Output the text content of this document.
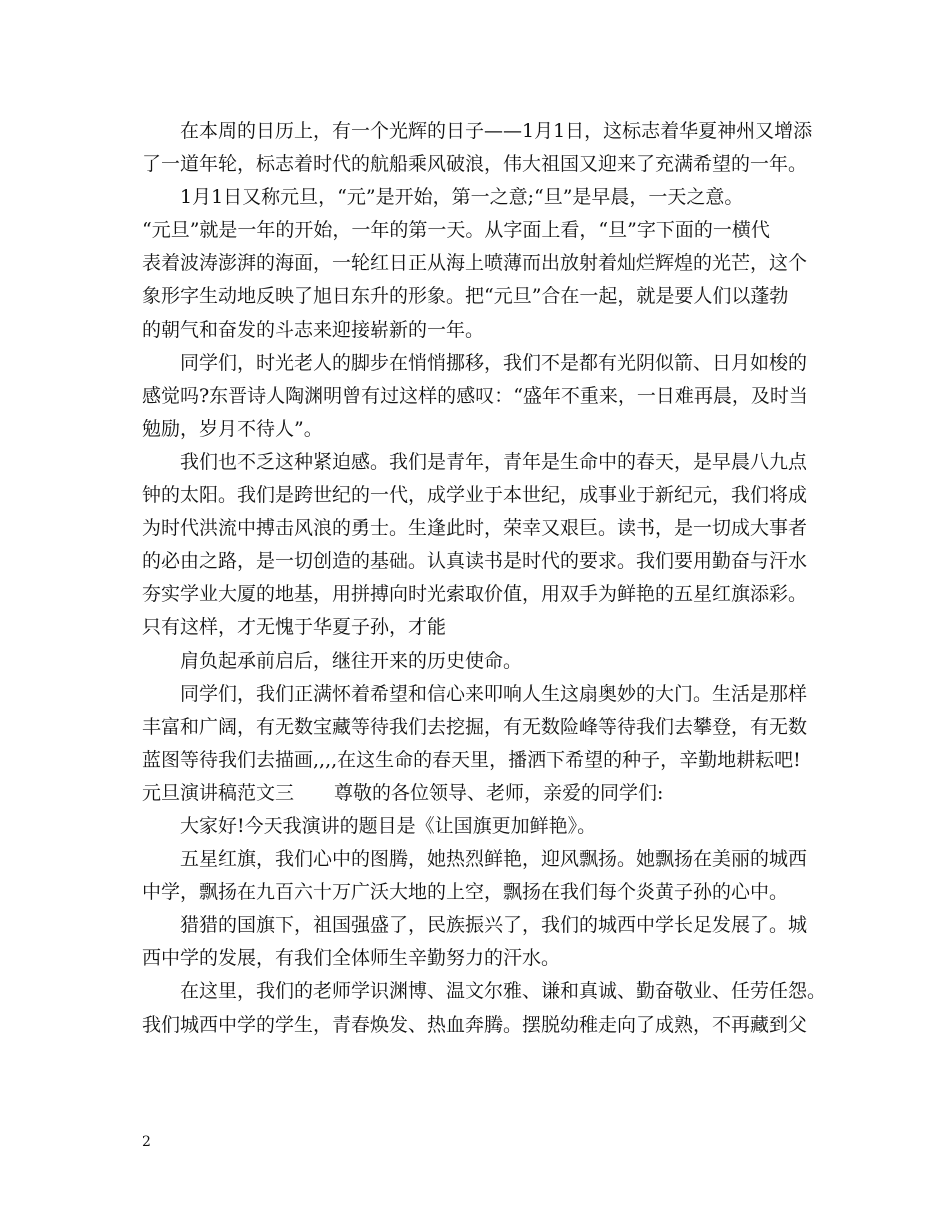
在本周的日历上，有一个光辉的日子——1月1日，这标志着华夏神州又增添
了一道年轮，标志着时代的航船乘风破浪，伟大祖国又迎来了充满希望的一年。
1月1日又称元旦，“元”是开始，第一之意;“旦”是早晨，一天之意。
“元旦”就是一年的开始，一年的第一天。从字面上看，“旦”字下面的一横代
表着波涛澎湃的海面，一轮红日正从海上喷薄而出放射着灿烂辉煌的光芒，这个
象形字生动地反映了旭日东升的形象。把“元旦”合在一起，就是要人们以蓬勃
的朝气和奋发的斗志来迎接崭新的一年。
同学们，时光老人的脚步在悄悄挪移，我们不是都有光阴似箭、日月如梭的
感觉吗?东晋诗人陶渊明曾有过这样的感叹：“盛年不重来，一日难再晨，及时当
勉励，岁月不待人”。
我们也不乏这种紧迫感。我们是青年，青年是生命中的春天，是早晨八九点
钟的太阳。我们是跨世纪的一代，成学业于本世纪，成事业于新纪元，我们将成
为时代洪流中搏击风浪的勇士。生逢此时，荣幸又艰巨。读书，是一切成大事者
的必由之路，是一切创造的基础。认真读书是时代的要求。我们要用勤奋与汗水
夯实学业大厦的地基，用拼搏向时光索取价值，用双手为鲜艳的五星红旗添彩。
只有这样，才无愧于华夏子孙，才能
肩负起承前启后，继往开来的历史使命。
同学们，我们正满怀着希望和信心来叩响人生这扇奥妙的大门。生活是那样
丰富和广阔，有无数宝藏等待我们去挖掘，有无数险峰等待我们去攀登，有无数
蓝图等待我们去描画,,,,在这生命的春天里，播洒下希望的种子，辛勤地耕耘吧!
元旦演讲稿范文三 尊敬的各位领导、老师，亲爱的同学们:
大家好!今天我演讲的题目是《让国旗更加鲜艳》。
五星红旗，我们心中的图腾，她热烈鲜艳，迎风飘扬。她飘扬在美丽的城西
中学，飘扬在九百六十万广沃大地的上空，飘扬在我们每个炎黄子孙的心中。
猎猎的国旗下，祖国强盛了，民族振兴了，我们的城西中学长足发展了。城
西中学的发展，有我们全体师生辛勤努力的汗水。
在这里，我们的老师学识渊博、温文尔雅、谦和真诚、勤奋敬业、任劳任怨。
我们城西中学的学生，青春焕发、热血奔腾。摆脱幼稚走向了成熟，不再藏到父
2
